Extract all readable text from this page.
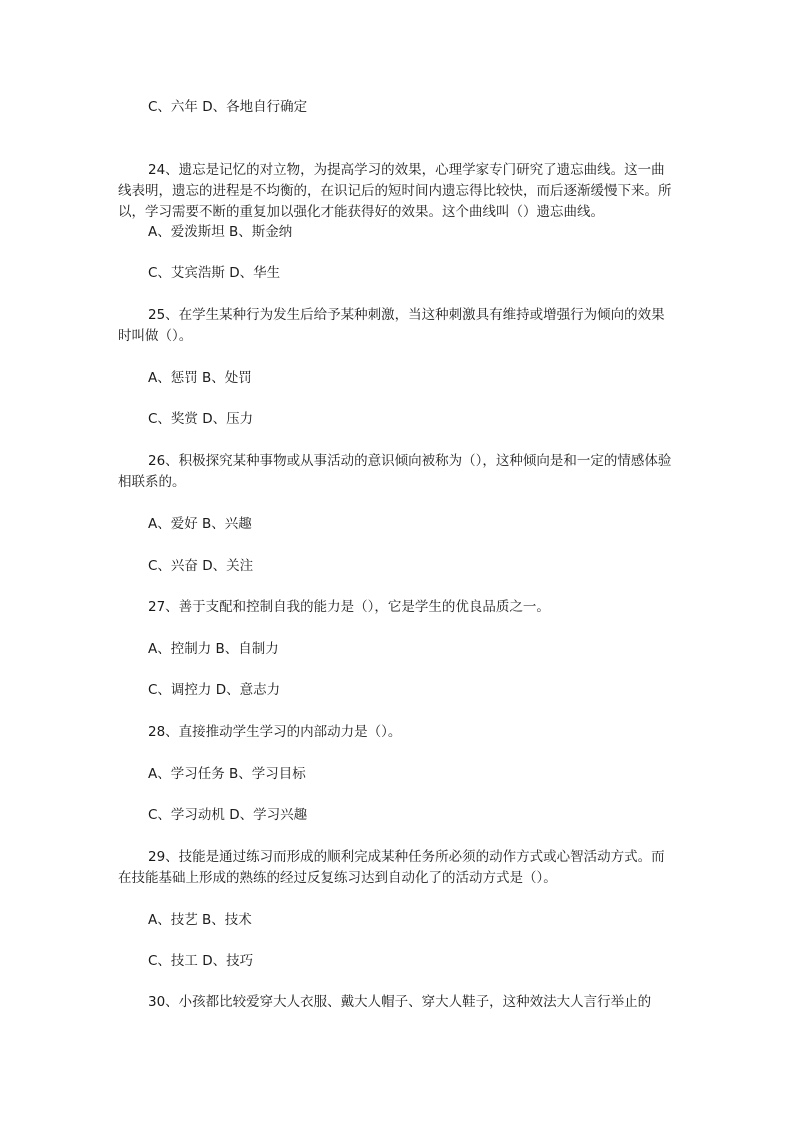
C、六年 D、各地自行确定
24、遗忘是记忆的对立物，为提高学习的效果，心理学家专门研究了遗忘曲线。这一曲线表明，遗忘的进程是不均衡的，在识记后的短时间内遗忘得比较快，而后逐渐缓慢下来。所以，学习需要不断的重复加以强化才能获得好的效果。这个曲线叫（）遗忘曲线。
A、爱泼斯坦 B、斯金纳
C、艾宾浩斯 D、华生
25、在学生某种行为发生后给予某种刺激，当这种刺激具有维持或增强行为倾向的效果时叫做（）。
A、惩罚 B、处罚
C、奖赏 D、压力
26、积极探究某种事物或从事活动的意识倾向被称为（），这种倾向是和一定的情感体验相联系的。
A、爱好 B、兴趣
C、兴奋 D、关注
27、善于支配和控制自我的能力是（），它是学生的优良品质之一。
A、控制力 B、自制力
C、调控力 D、意志力
28、直接推动学生学习的内部动力是（）。
A、学习任务 B、学习目标
C、学习动机 D、学习兴趣
29、技能是通过练习而形成的顺利完成某种任务所必须的动作方式或心智活动方式。而在技能基础上形成的熟练的经过反复练习达到自动化了的活动方式是（）。
A、技艺 B、技术
C、技工 D、技巧
30、小孩都比较爱穿大人衣服、戴大人帽子、穿大人鞋子，这种效法大人言行举止的
